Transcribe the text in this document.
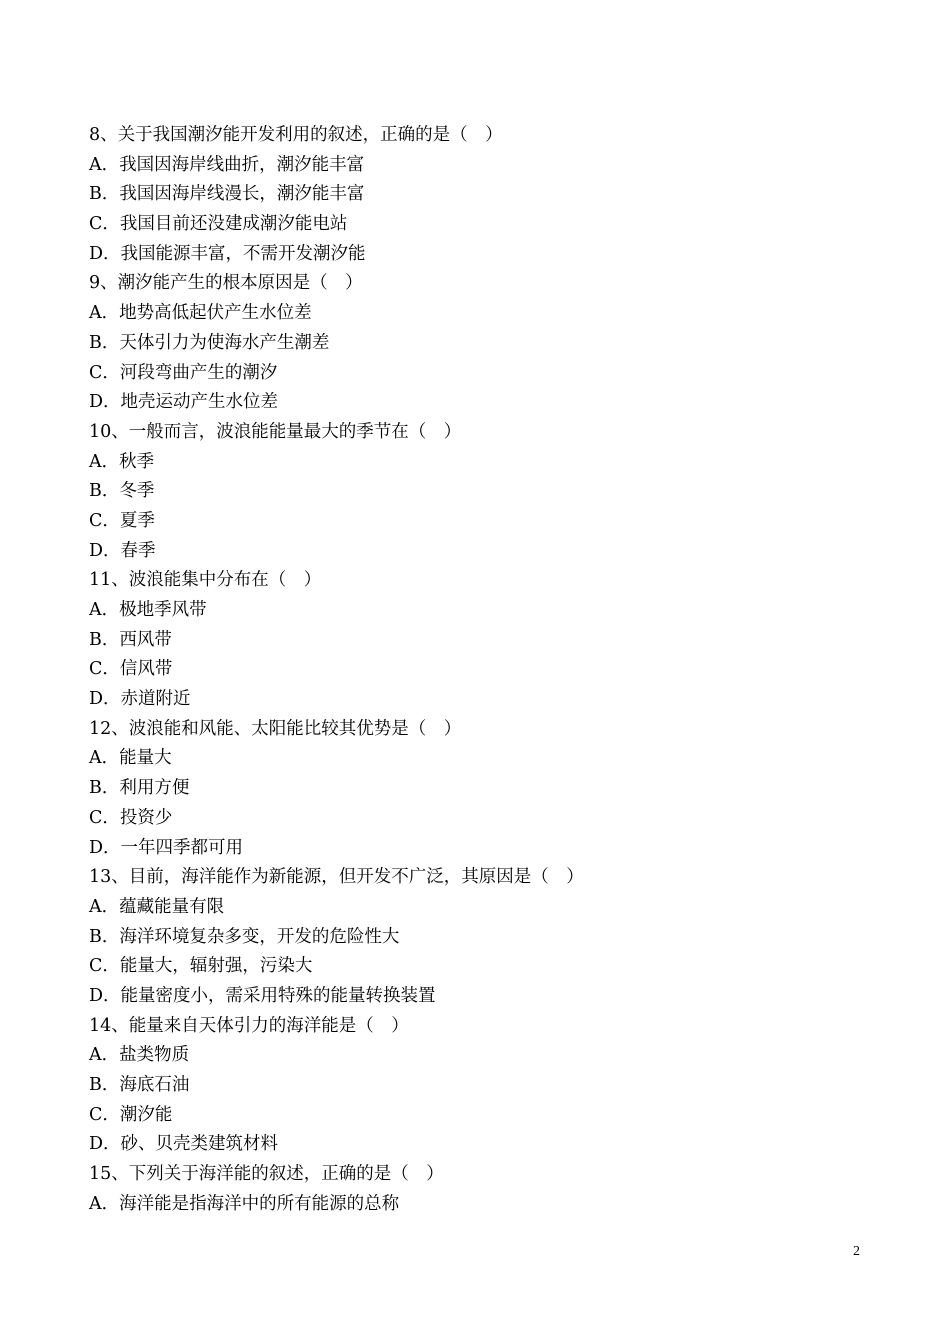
8、关于我国潮汐能开发利用的叙述，正确的是（　）
A．我国因海岸线曲折，潮汐能丰富
B．我国因海岸线漫长，潮汐能丰富
C．我国目前还没建成潮汐能电站
D．我国能源丰富，不需开发潮汐能
9、潮汐能产生的根本原因是（　）
A．地势高低起伏产生水位差
B．天体引力为使海水产生潮差
C．河段弯曲产生的潮汐
D．地壳运动产生水位差
10、一般而言，波浪能能量最大的季节在（　）
A．秋季
B．冬季
C．夏季
D．春季
11、波浪能集中分布在（　）
A．极地季风带
B．西风带
C．信风带
D．赤道附近
12、波浪能和风能、太阳能比较其优势是（　）
A．能量大
B．利用方便
C．投资少
D．一年四季都可用
13、目前，海洋能作为新能源，但开发不广泛，其原因是（　）
A．蕴藏能量有限
B．海洋环境复杂多变，开发的危险性大
C．能量大，辐射强，污染大
D．能量密度小，需采用特殊的能量转换装置
14、能量来自天体引力的海洋能是（　）
A．盐类物质
B．海底石油
C．潮汐能
D．砂、贝壳类建筑材料
15、下列关于海洋能的叙述，正确的是（　）
A．海洋能是指海洋中的所有能源的总称
2
